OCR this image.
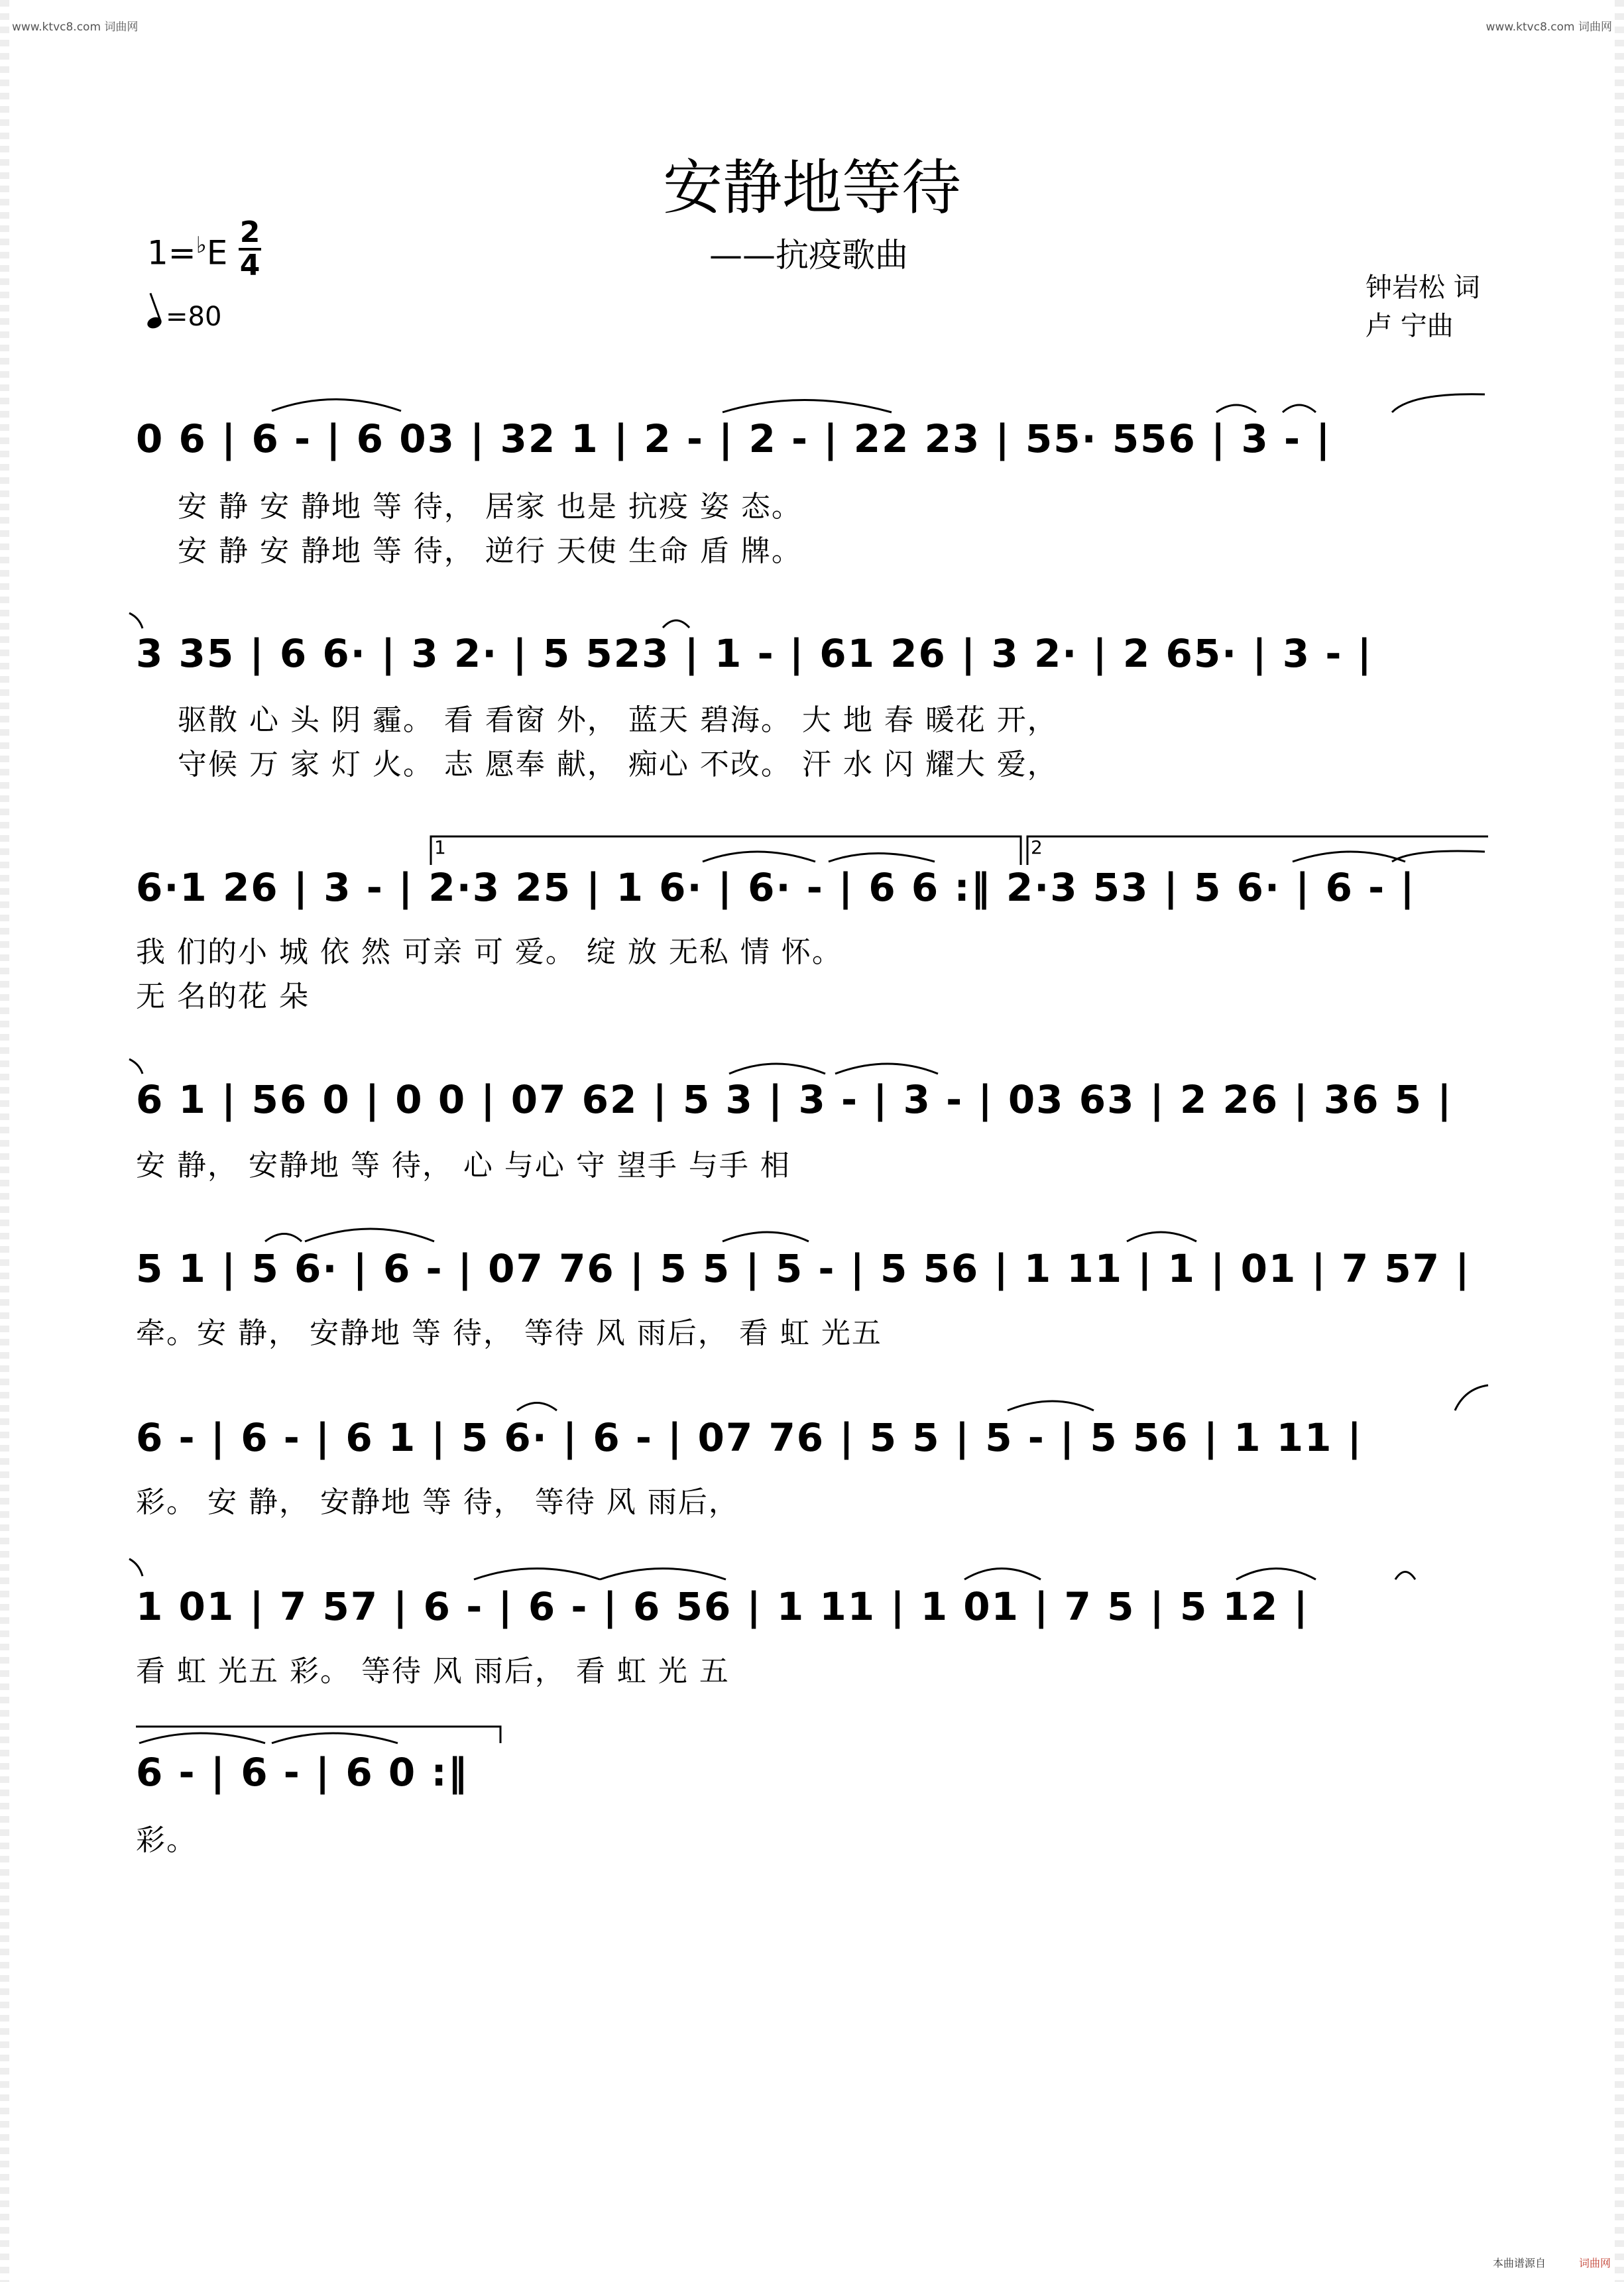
www.ktvc8.com 词曲网	www.ktvc8.com 词曲网
安静地等待
——抗疫歌曲
1=♭E
2
4
=80
钟岩松 词
卢 宁曲
0 6 | 6 - | 6 03 | 32 1 | 2 - | 2 - | 22 23 | 55· 556 | 3 - |
安 静 安 静地 等 待， 居家 也是 抗疫 姿 态。
安 静 安 静地 等 待， 逆行 天使 生命 盾 牌。
3 35 | 6 6· | 3 2· | 5 523 | 1 - | 61 26 | 3 2· | 2 65· | 3 - |
驱散 心 头 阴 霾。 看 看窗 外， 蓝天 碧海。 大 地 春 暖花 开，
守候 万 家 灯 火。 志 愿奉 献， 痴心 不改。 汗 水 闪 耀大 爱，
1	2
6·1 26 | 3 - | 2·3 25 | 1 6· | 6· - | 6 6 :‖ 2·3 53 | 5 6· | 6 - |
我 们的小 城 依 然 可亲 可 爱。 绽 放 无私 情 怀。
无 名的花 朵
6 1 | 56 0 | 0 0 | 07 62 | 5 3 | 3 - | 3 - | 03 63 | 2 26 | 36 5 |
安 静， 安静地 等 待， 心 与心 守 望手 与手 相
5 1 | 5 6· | 6 - | 07 76 | 5 5 | 5 - | 5 56 | 1 11 | 1 | 01 | 7 57 |
牵。安 静， 安静地 等 待， 等待 风 雨后， 看 虹 光五
6 - | 6 - | 6 1 | 5 6· | 6 - | 07 76 | 5 5 | 5 - | 5 56 | 1 11 |
彩。 安 静， 安静地 等 待， 等待 风 雨后，
1 01 | 7 57 | 6 - | 6 - | 6 56 | 1 11 | 1 01 | 7 5 | 5 12 |
看 虹 光五 彩。 等待 风 雨后， 看 虹 光 五
6 - | 6 - | 6 0 :‖
彩。
本曲谱源自	词曲网
